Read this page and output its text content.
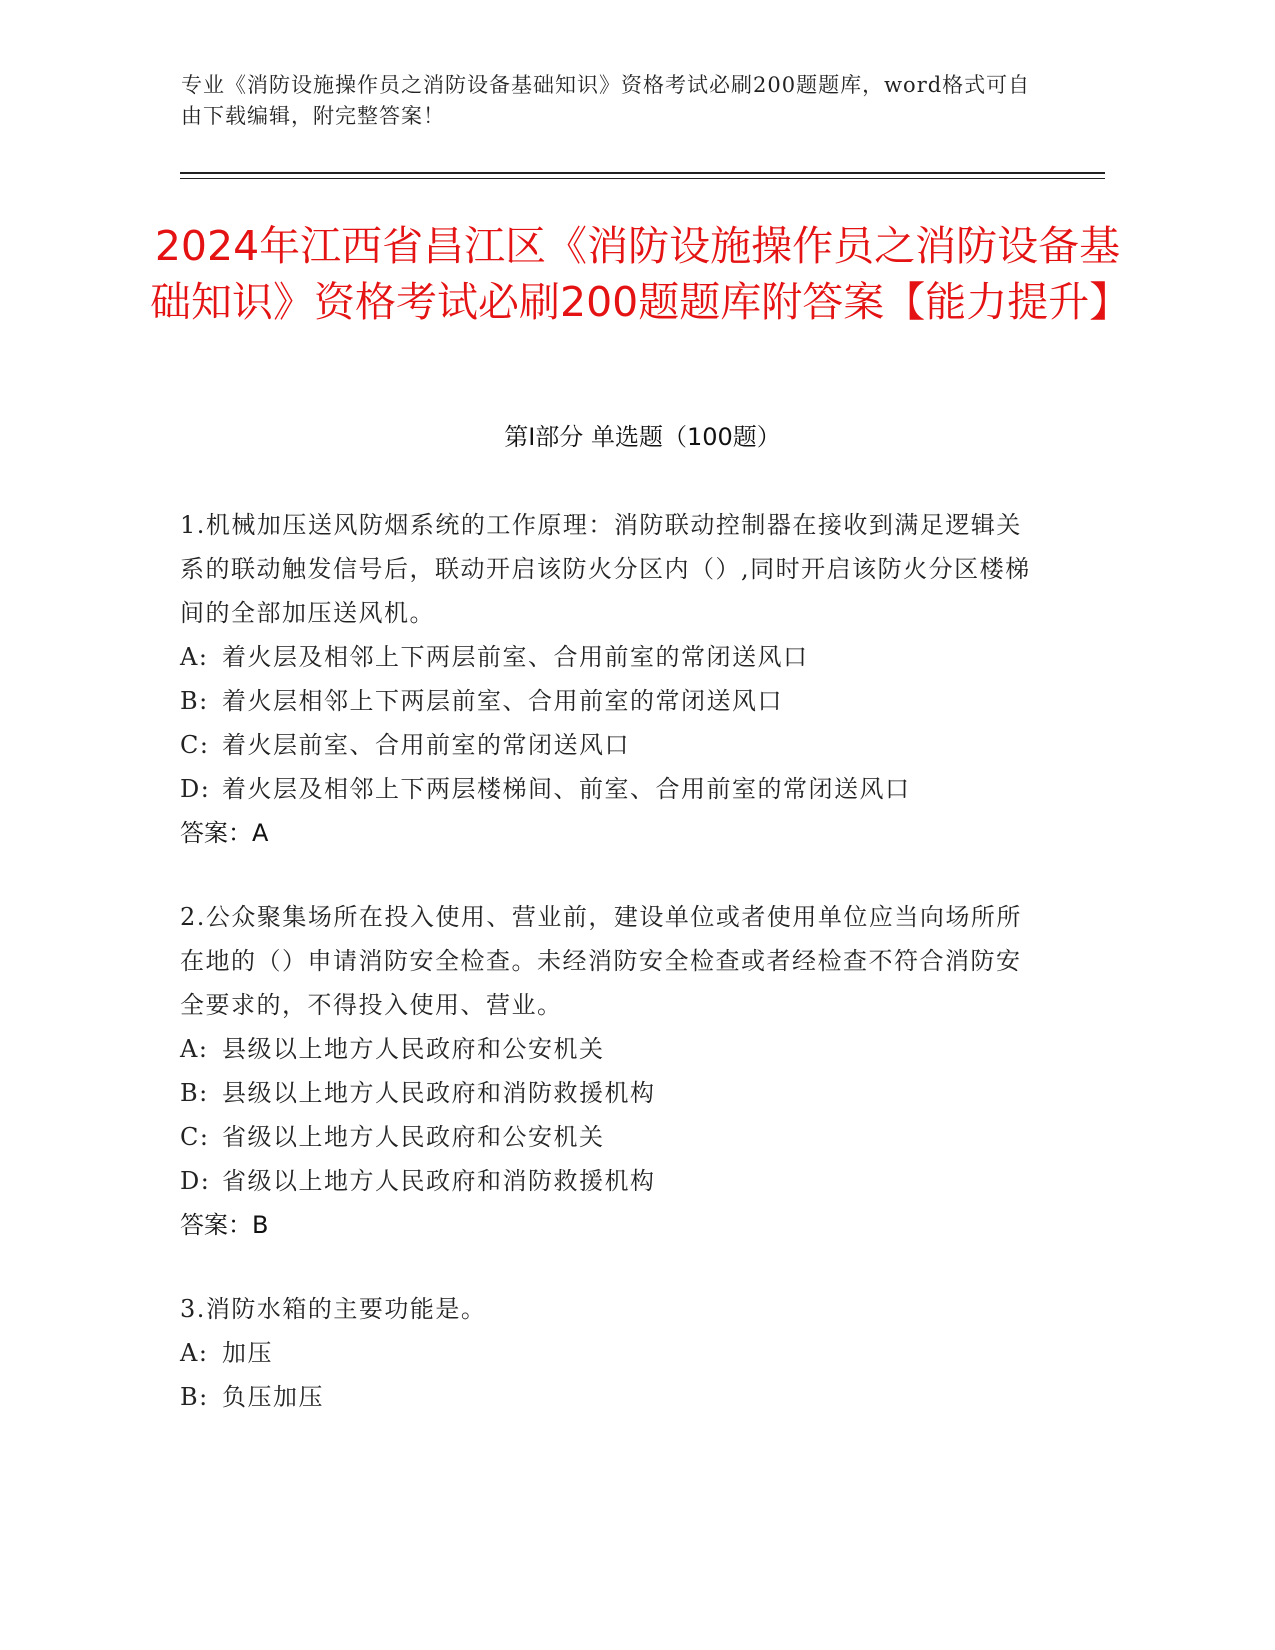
专业《消防设施操作员之消防设备基础知识》资格考试必刷200题题库，word格式可自由下载编辑，附完整答案！
2024年江西省昌江区《消防设施操作员之消防设备基础知识》资格考试必刷200题题库附答案【能力提升】
第I部分 单选题（100题）

1.机械加压送风防烟系统的工作原理：消防联动控制器在接收到满足逻辑关系的联动触发信号后，联动开启该防火分区内（）,同时开启该防火分区楼梯间的全部加压送风机。

A: 着火层及相邻上下两层前室、合用前室的常闭送风口

B: 着火层相邻上下两层前室、合用前室的常闭送风口

C: 着火层前室、合用前室的常闭送风口

D: 着火层及相邻上下两层楼梯间、前室、合用前室的常闭送风口

答案：A

2.公众聚集场所在投入使用、营业前，建设单位或者使用单位应当向场所所在地的（）申请消防安全检查。未经消防安全检查或者经检查不符合消防安全要求的，不得投入使用、营业。

A: 县级以上地方人民政府和公安机关

B: 县级以上地方人民政府和消防救援机构

C: 省级以上地方人民政府和公安机关

D: 省级以上地方人民政府和消防救援机构

答案：B

3.消防水箱的主要功能是。

A: 加压

B: 负压加压
